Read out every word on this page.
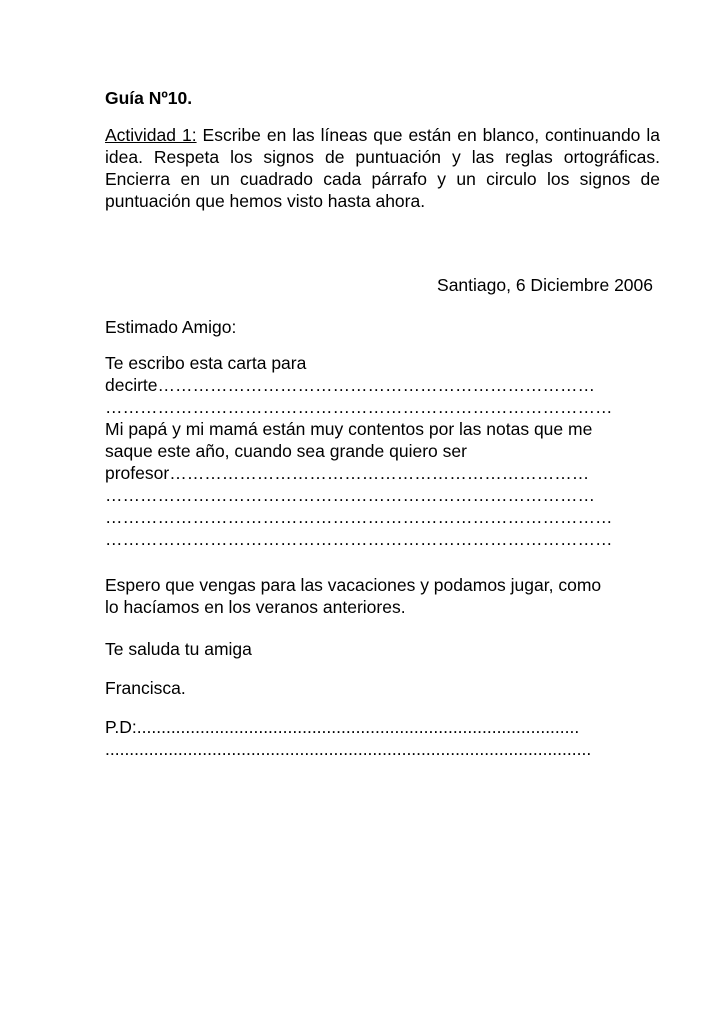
Guía Nº10.

Actividad 1: Escribe en las líneas que están en blanco, continuando la idea. Respeta los signos de puntuación y las reglas ortográficas. Encierra en un cuadrado cada párrafo y un circulo los signos de puntuación que hemos visto hasta ahora.

Santiago, 6 Diciembre 2006

Estimado Amigo:

Te escribo esta carta para
decirte…………………………………………………………………
……………………………………………………………………………
Mi papá y mi mamá están muy contentos por las notas que me
saque este año, cuando sea grande quiero ser
profesor………………………………………………………………
…………………………………………………………………………
……………………………………………………………………………
……………………………………………………………………………
Espero que vengas para las vacaciones y podamos jugar, como
lo hacíamos en los veranos anteriores.

Te saluda tu amiga

Francisca.

P.D:...........................................................................................
....................................................................................................
